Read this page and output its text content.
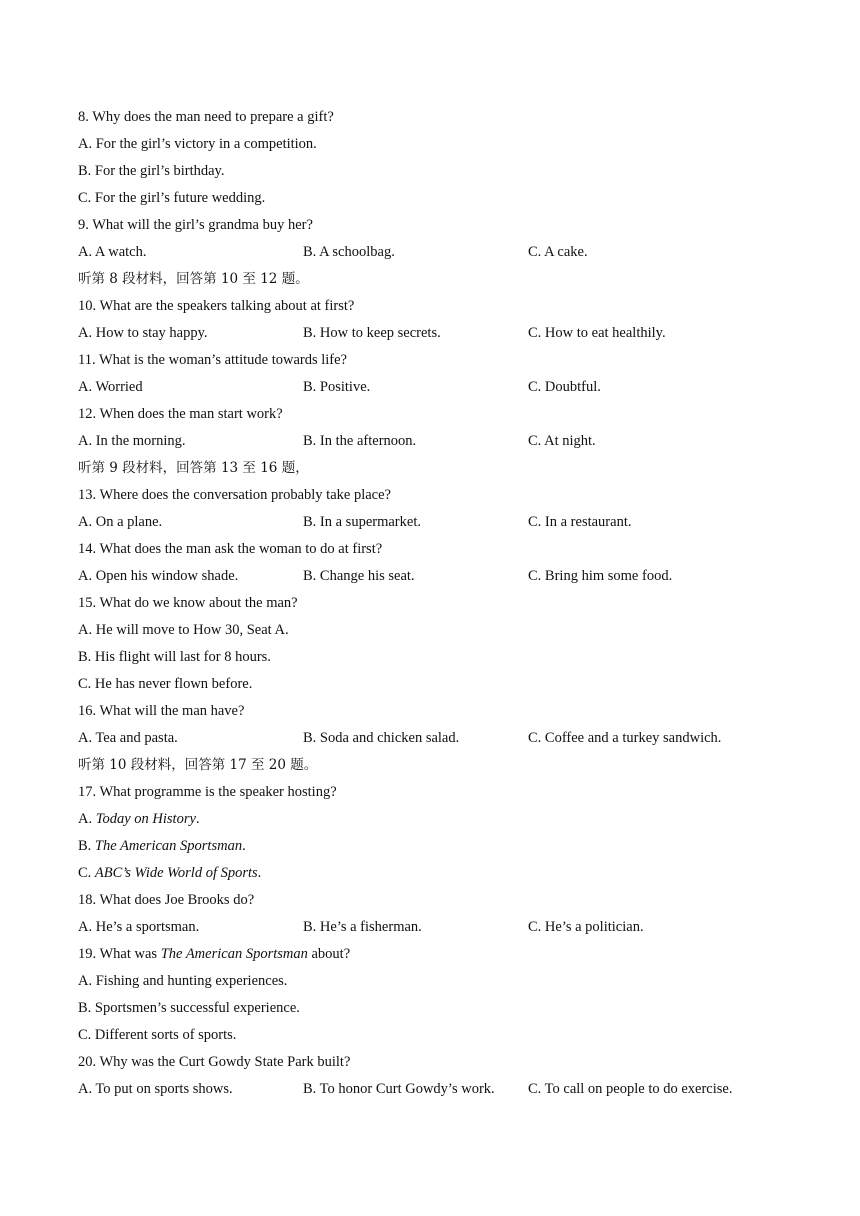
8. Why does the man need to prepare a gift?
A. For the girl’s victory in a competition.
B. For the girl’s birthday.
C. For the girl’s future wedding.
9. What will the girl’s grandma buy her?
A. A watch.	B. A schoolbag.	C. A cake.
听第 8 段材料，回答第 10 至 12 题。
10. What are the speakers talking about at first?
A. How to stay happy.	B. How to keep secrets.	C. How to eat healthily.
11. What is the woman’s attitude towards life?
A. Worried	B. Positive.	C. Doubtful.
12. When does the man start work?
A. In the morning.	B. In the afternoon.	C. At night.
听第 9 段材料，回答第 13 至 16 题，
13. Where does the conversation probably take place?
A. On a plane.	B. In a supermarket.	C. In a restaurant.
14. What does the man ask the woman to do at first?
A. Open his window shade.	B. Change his seat.	C. Bring him some food.
15. What do we know about the man?
A. He will move to How 30, Seat A.
B. His flight will last for 8 hours.
C. He has never flown before.
16. What will the man have?
A. Tea and pasta.	B. Soda and chicken salad.	C. Coffee and a turkey sandwich.
听第 10 段材料，回答第 17 至 20 题。
17. What programme is the speaker hosting?
A. Today on History.
B. The American Sportsman.
C. ABC’s Wide World of Sports.
18. What does Joe Brooks do?
A. He’s a sportsman.	B. He’s a fisherman.	C. He’s a politician.
19. What was The American Sportsman about?
A. Fishing and hunting experiences.
B. Sportsmen’s successful experience.
C. Different sorts of sports.
20. Why was the Curt Gowdy State Park built?
A. To put on sports shows.	B. To honor Curt Gowdy’s work. C. To call on people to do exercise.
